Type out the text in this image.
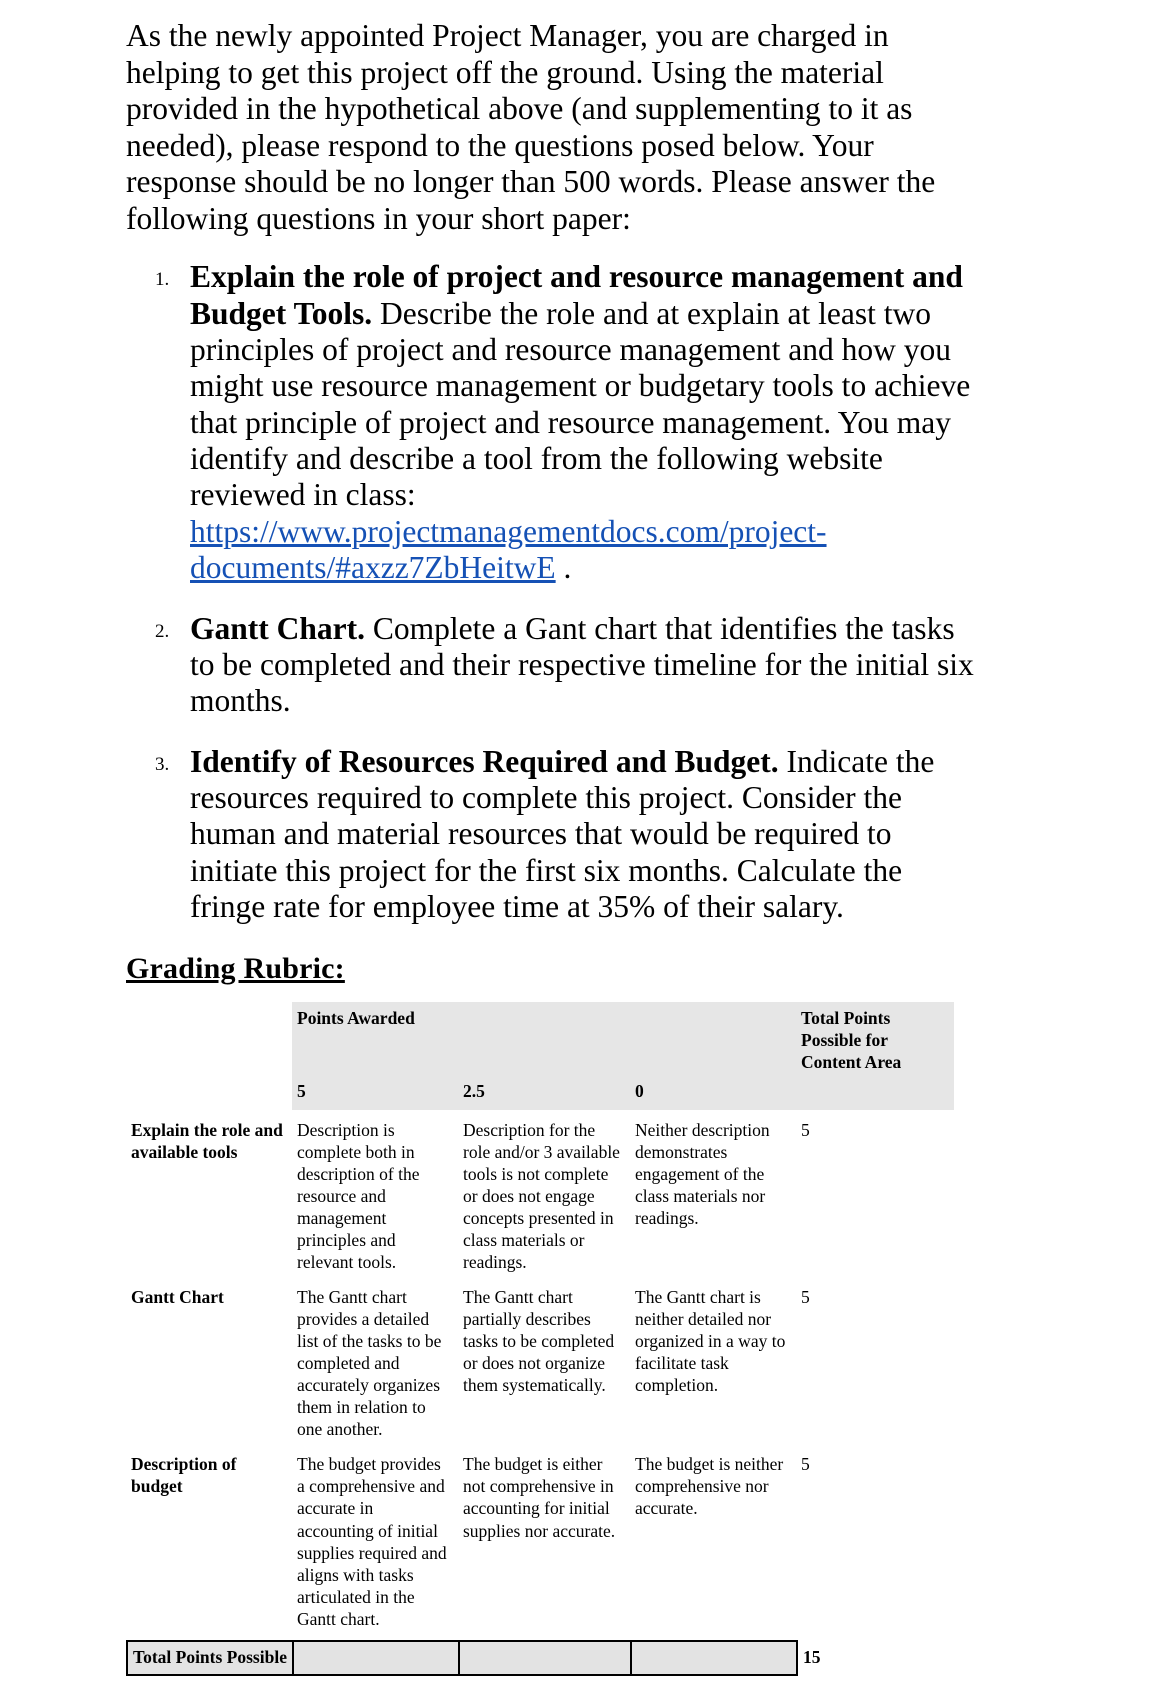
As the newly appointed Project Manager, you are charged in helping to get this project off the ground. Using the material provided in the hypothetical above (and supplementing to it as needed), please respond to the questions posed below. Your response should be no longer than 500 words. Please answer the following questions in your short paper:

Explain the role of project and resource management and Budget Tools. Describe the role and at explain at least two principles of project and resource management and how you might use resource management or budgetary tools to achieve that principle of project and resource management. You may identify and describe a tool from the following website reviewed in class: https://www.projectmanagementdocs.com/project-documents/#axzz7ZbHeitwE .
Gantt Chart. Complete a Gant chart that identifies the tasks to be completed and their respective timeline for the initial six months.
Identify of Resources Required and Budget. Indicate the resources required to complete this project. Consider the human and material resources that would be required to initiate this project for the first six months. Calculate the fringe rate for employee time at 35% of their salary.
Grading Rubric:
	Points Awarded			Total Points Possible for Content Area
	5	2.5	0	
Explain the role and available tools	Description is complete both in description of the resource and management principles and relevant tools.	Description for the role and/or 3 available tools is not complete or does not engage concepts presented in class materials or readings.	Neither description demonstrates engagement of the class materials nor readings.	5
Gantt Chart	The Gantt chart provides a detailed list of the tasks to be completed and accurately organizes them in relation to one another.	The Gantt chart partially describes tasks to be completed or does not organize them systematically.	The Gantt chart is neither detailed nor organized in a way to facilitate task completion.	5
Description of budget	The budget provides a comprehensive and accurate in accounting of initial supplies required and aligns with tasks articulated in the Gantt chart.	The budget is either not comprehensive in accounting for initial supplies nor accurate.	The budget is neither comprehensive nor accurate.	5
Total Points Possible				15
